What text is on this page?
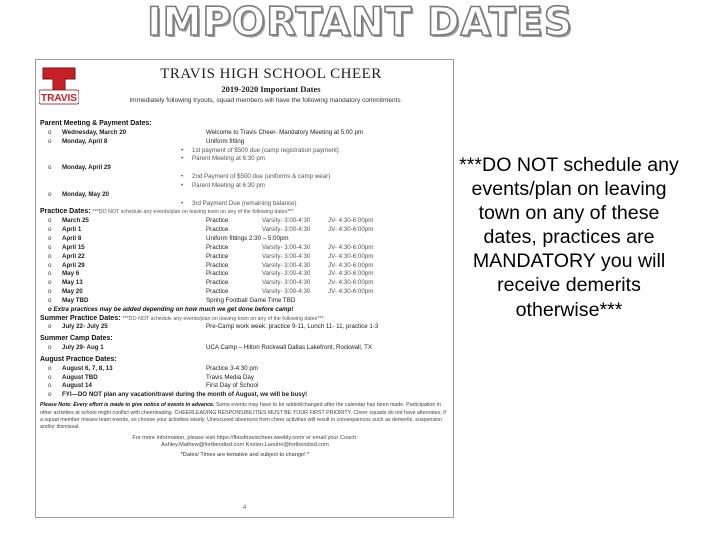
IMPORTANT DATES
TRAVIS
TRAVIS HIGH SCHOOL CHEER
2019-2020 Important Dates
Immediately following tryouts, squad members will have the following mandatory commitments
Parent Meeting & Payment Dates:
o Wednesday, March 20	Welcome to Travis Cheer- Mandatory Meeting at 5:00 pm
o Monday, April 8	Uniform fitting
• 1st payment of $500 due (camp registration payment)
• Parent Meeting at 6:30 pm
o Monday, April 29
• 2nd Payment of $500 due (uniforms & camp wear)
• Parent Meeting at 6:30 pm
o Monday, May 20
• 3rd Payment Due (remaining balance)
Practice Dates: ***DO NOT schedule any events/plan on leaving town on any of the following dates***
o March 25	Practice	Varsity- 3:00-4:30	JV- 4:30-6:00pm
o April 1	Practice	Varsity- 3:00-4:30	JV- 4:30-6:00pm
o April 8	Uniform fittings 2:30 – 5:00pm
o April 15	Practice	Varsity- 3:00-4:30	JV- 4:30-6:00pm
o April 22	Practice	Varsity- 3:00-4:30	JV- 4:30-6:00pm
o April 29	Practice	Varsity- 3:00-4:30	JV- 4:30-6:00pm
o May 6	Practice	Varsity- 3:00-4:30	JV- 4:30-6:00pm
o May 13	Practice	Varsity- 3:00-4:30	JV- 4:30-6:00pm
o May 20	Practice	Varsity- 3:00-4:30	JV- 4:30-6:00pm
o May TBD	Spring Football Game Time TBD
o Extra practices may be added depending on how much we get done before camp!
Summer Practice Dates: ***DO NOT schedule any events/plan on leaving town on any of the following dates***
o July 22- July 25	Pre-Camp work week: practice 9-11, Lunch 11- 11, practice 1-3
Summer Camp Dates:
o July 29- Aug 1	UCA Camp – Hilton Rockwall Dallas Lakefront, Rockwall, TX
August Practice Dates:
o August 6, 7, 8, 13	Practice 3-4:30 pm
o August TBD	Travis Media Day
o August 14	First Day of School
o FYI—DO NOT plan any vacation/travel during the month of August, we will be busy!
Please Note: Every effort is made to give notice of events in advance. Some events may have to be added/changed after the calendar has been made. Participation in other activities at school might conflict with cheerleading. CHEERLEADING RESPONSIBILITIES MUST BE YOUR FIRST PRIORITY. Cheer squads do not have alternates; if a squad member misses team events, so choose your activities wisely. Unexcused absences from cheer activities will result in consequences such as demerits, suspension and/or dismissal.
For more information, please visit https://fbisdtravischeer.weebly.com/ or email your Coach:
Ashley.Mathew@fortbendisd.com Kristen.Laouhri@fortbendisd.com
*Dates/ Times are tentative and subject to change! *
4
***DO NOT schedule any events/plan on leaving town on any of these dates, practices are MANDATORY you will receive demerits otherwise***
